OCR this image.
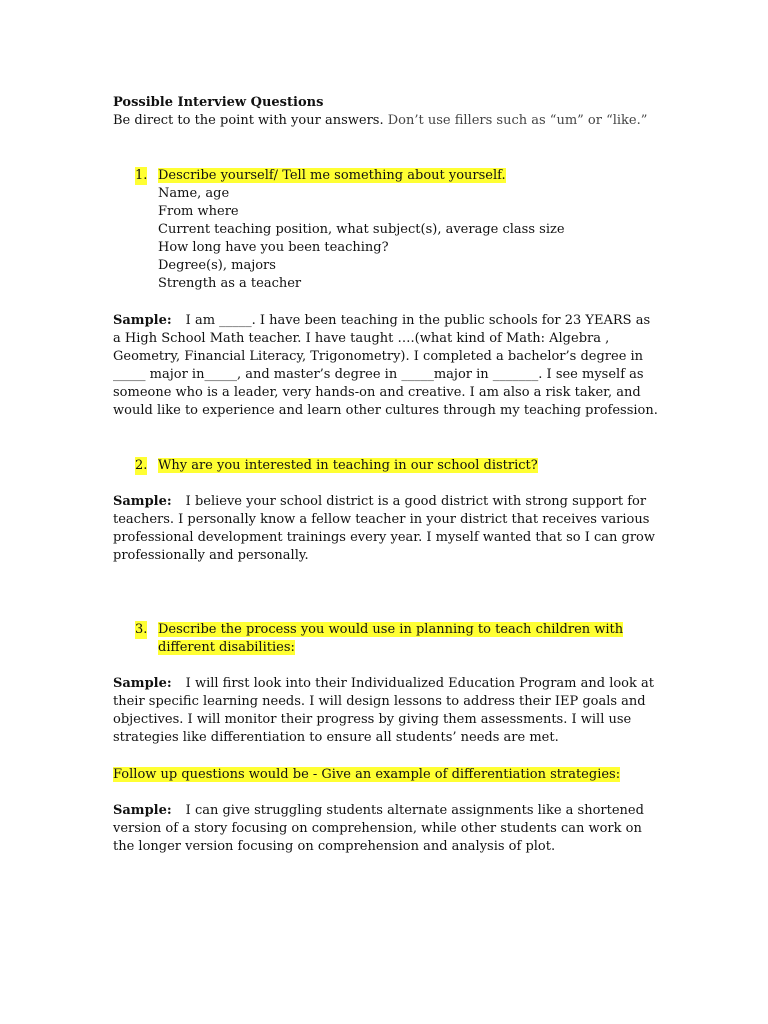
Possible Interview Questions
Be direct to the point with your answers. Don’t use fillers such as “um” or “like.”
1. Describe yourself/ Tell me something about yourself.
Name, age
From where
Current teaching position, what subject(s), average class size
How long have you been teaching?
Degree(s), majors
Strength as a teacher

Sample: I am _____. I have been teaching in the public schools for 23 YEARS as a High School Math teacher. I have taught ….(what kind of Math: Algebra , Geometry, Financial Literacy, Trigonometry). I completed a bachelor’s degree in _____ major in_____, and master’s degree in _____major in _______. I see myself as someone who is a leader, very hands-on and creative. I am also a risk taker, and would like to experience and learn other cultures through my teaching profession.

2. Why are you interested in teaching in our school district?

Sample: I believe your school district is a good district with strong support for teachers. I personally know a fellow teacher in your district that receives various professional development trainings every year. I myself wanted that so I can grow professionally and personally.

3. Describe the process you would use in planning to teach children with different disabilities:

Sample: I will first look into their Individualized Education Program and look at their specific learning needs. I will design lessons to address their IEP goals and objectives. I will monitor their progress by giving them assessments. I will use strategies like differentiation to ensure all students’ needs are met.

Follow up questions would be - Give an example of differentiation strategies:

Sample: I can give struggling students alternate assignments like a shortened version of a story focusing on comprehension, while other students can work on the longer version focusing on comprehension and analysis of plot.
